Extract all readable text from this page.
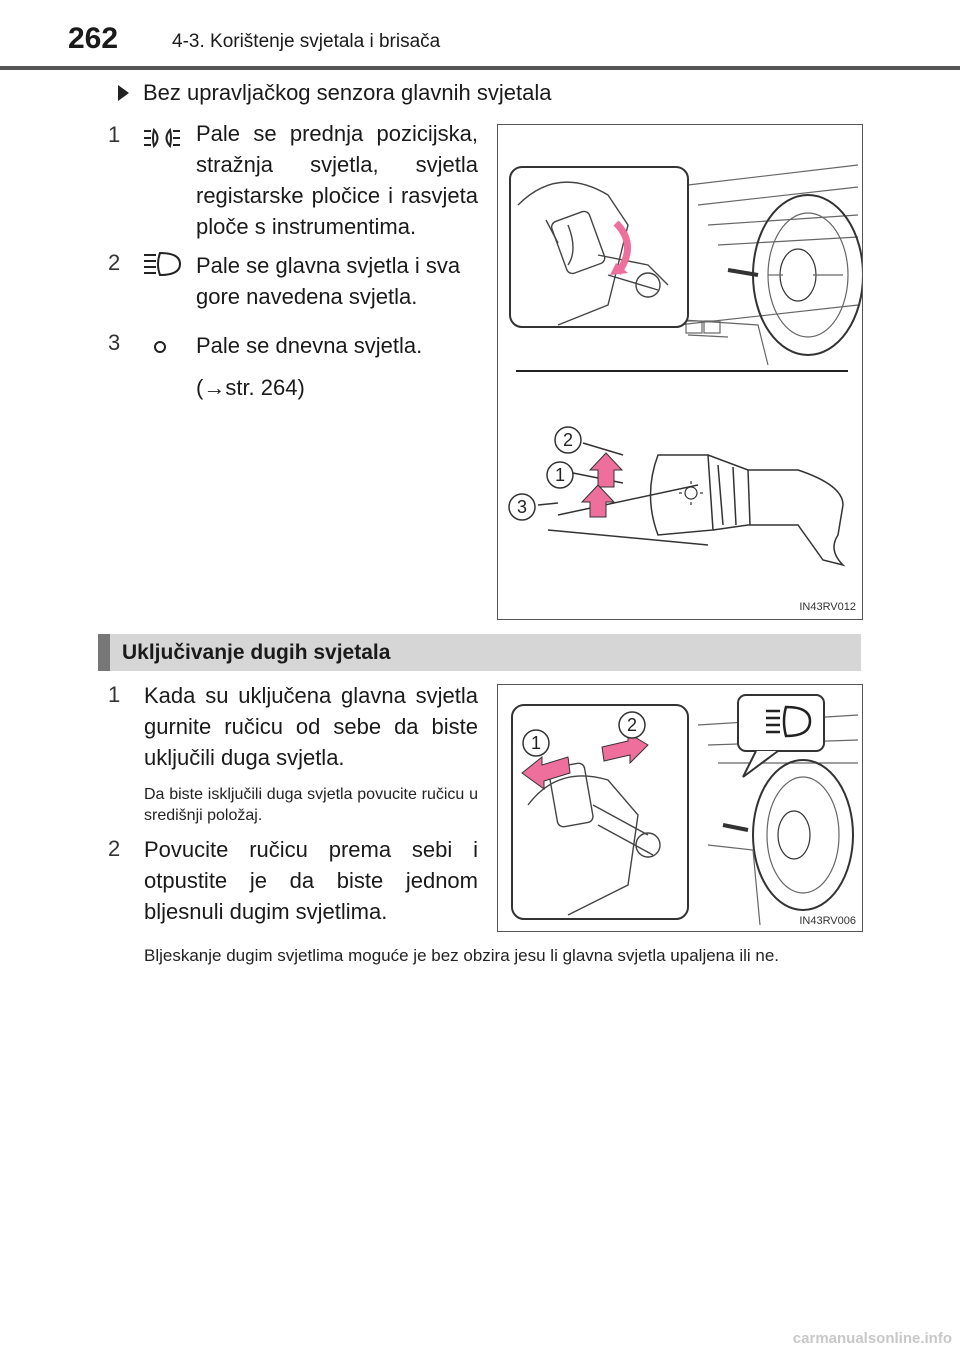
262	4-3. Korištenje svjetala i brisača
Bez upravljačkog senzora glavnih svjetala
1	Pale se prednja pozicijska, stražnja svjetla, svjetla registarske pločice i rasvjeta ploče s instrumentima.
2	Pale se glavna svjetla i sva gore navedena svjetla.
3	Pale se dnevna svjetla.
(→str. 264)
2
1
3
IN43RV012
Uključivanje dugih svjetala
1 Kada su uključena glavna svjetla gurnite ručicu od sebe da biste uključili duga svjetla.
Da biste isključili duga svjetla povucite ručicu u središnji položaj.
2 Povucite ručicu prema sebi i otpustite je da biste jednom bljesnuli dugim svjetlima.
1
2
IN43RV006
Bljeskanje dugim svjetlima moguće je bez obzira jesu li glavna svjetla upaljena ili ne.
carmanualsonline.info
